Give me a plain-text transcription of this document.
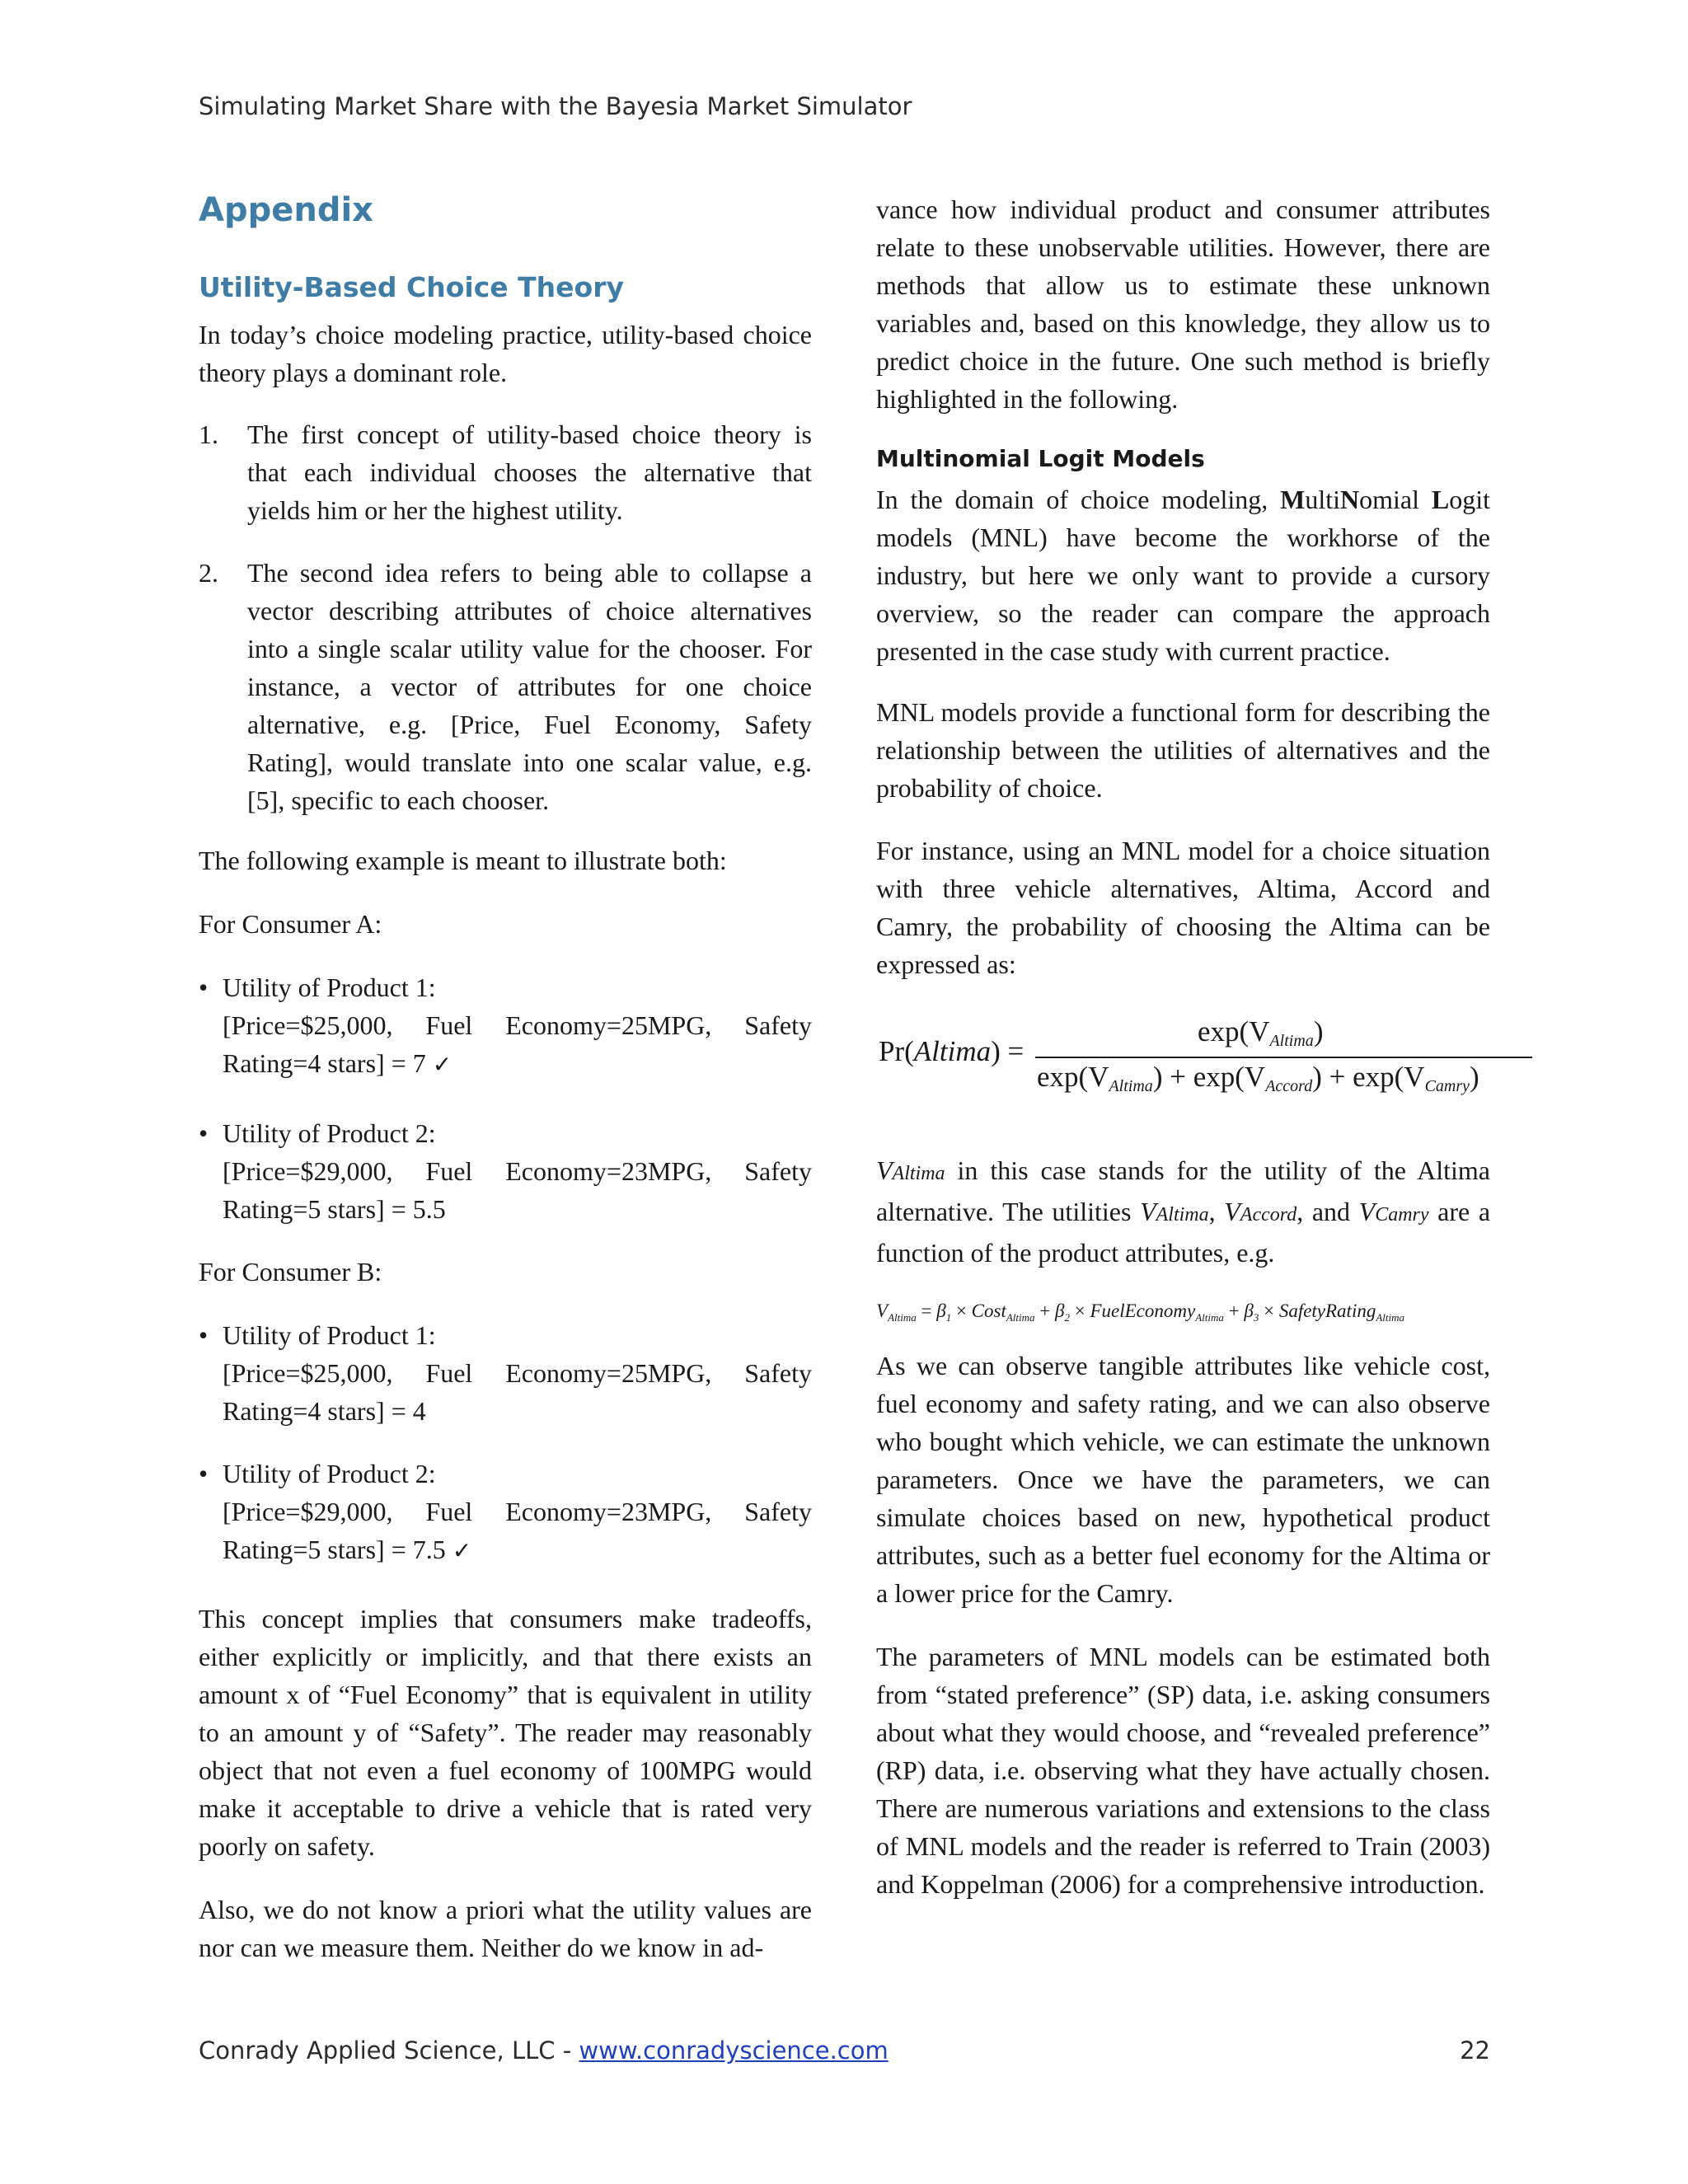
Simulating Market Share with the Bayesia Market Simulator
Appendix
Utility-Based Choice Theory

In today’s choice modeling practice, utility-based choice theory plays a dominant role.

1. The first concept of utility-based choice theory is that each individual chooses the alternative that yields him or her the highest utility.
2. The second idea refers to being able to collapse a vector describing attributes of choice alternatives into a single scalar utility value for the chooser. For instance, a vector of attributes for one choice alternative, e.g. [Price, Fuel Economy, Safety Rating], would translate into one scalar value, e.g. [5], specific to each chooser.

The following example is meant to illustrate both:

For Consumer A:

• Utility of Product 1:
[Price=$25,000, Fuel Economy=25MPG, Safety Rating=4 stars] = 7 ✓
• Utility of Product 2:
[Price=$29,000, Fuel Economy=23MPG, Safety Rating=5 stars] = 5.5

For Consumer B:

• Utility of Product 1:
[Price=$25,000, Fuel Economy=25MPG, Safety Rating=4 stars] = 4
• Utility of Product 2:
[Price=$29,000, Fuel Economy=23MPG, Safety Rating=5 stars] = 7.5 ✓

This concept implies that consumers make tradeoffs, either explicitly or implicitly, and that there exists an amount x of “Fuel Economy” that is equivalent in utility to an amount y of “Safety”. The reader may reasonably object that not even a fuel economy of 100MPG would make it acceptable to drive a vehicle that is rated very poorly on safety.

Also, we do not know a priori what the utility values are nor can we measure them. Neither do we know in ad-

vance how individual product and consumer attributes relate to these unobservable utilities. However, there are methods that allow us to estimate these unknown variables and, based on this knowledge, they allow us to predict choice in the future. One such method is briefly highlighted in the following.

Multinomial Logit Models

In the domain of choice modeling, MultiNomial Logit models (MNL) have become the workhorse of the industry, but here we only want to provide a cursory overview, so the reader can compare the approach presented in the case study with current practice.

MNL models provide a functional form for describing the relationship between the utilities of alternatives and the probability of choice.

For instance, using an MNL model for a choice situation with three vehicle alternatives, Altima, Accord and Camry, the probability of choosing the Altima can be expressed as:

Pr(Altima) =
$\exp(V_{Altima})$
$\exp(V_{Altima}) + \exp(V_{Accord}) + \exp(V_{Camry})$

VAltima in this case stands for the utility of the Altima alternative. The utilities VAltima, VAccord, and VCamry are a function of the product attributes, e.g.

$V_{Altima} = \beta_1$ × Cost$_{Altima}$ + $\beta_2$ × FuelEconomy$_{Altima}$ + $\beta_3$ × SafetyRating$_{Altima}$

As we can observe tangible attributes like vehicle cost, fuel economy and safety rating, and we can also observe who bought which vehicle, we can estimate the unknown parameters. Once we have the parameters, we can simulate choices based on new, hypothetical product attributes, such as a better fuel economy for the Altima or a lower price for the Camry.

The parameters of MNL models can be estimated both from “stated preference” (SP) data, i.e. asking consumers about what they would choose, and “revealed preference” (RP) data, i.e. observing what they have actually chosen. There are numerous variations and extensions to the class of MNL models and the reader is referred to Train (2003) and Koppelman (2006) for a comprehensive introduction.

Conrady Applied Science, LLC - www.conradyscience.com	22
